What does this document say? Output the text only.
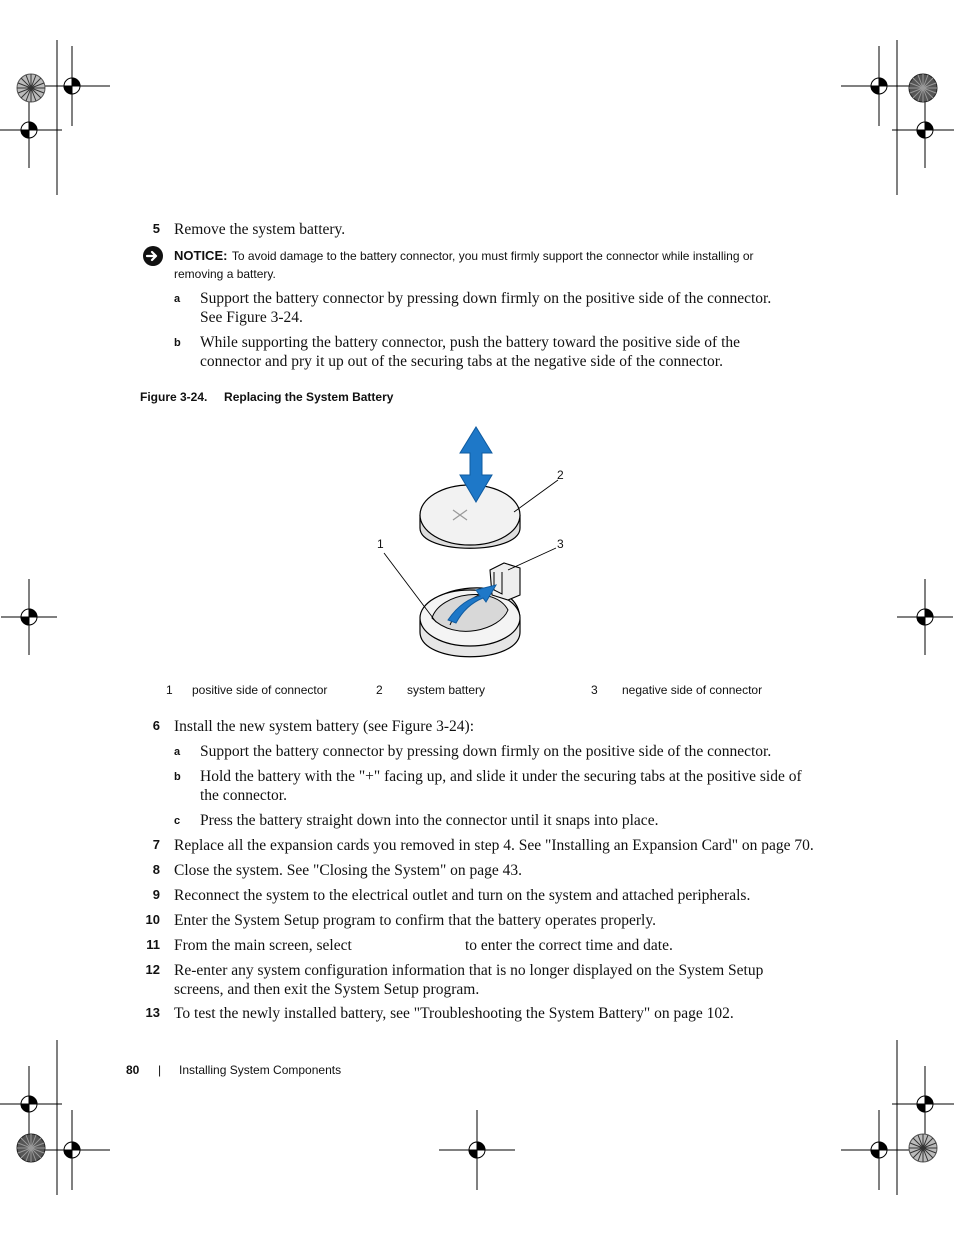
5 Remove the system battery.
NOTICE: To avoid damage to the battery connector, you must firmly support the connector while installing or
removing a battery.
a Support the battery connector by pressing down firmly on the positive side of the connector.
See Figure 3-24.
b While supporting the battery connector, push the battery toward the positive side of the
connector and pry it up out of the securing tabs at the negative side of the connector.
Figure 3-24. Replacing the System Battery
2
1	3
1 positive side of connector	2 system battery	3 negative side of connector
6 Install the new system battery (see Figure 3-24):
a Support the battery connector by pressing down firmly on the positive side of the connector.
b Hold the battery with the "+" facing up, and slide it under the securing tabs at the positive side of
the connector.
c Press the battery straight down into the connector until it snaps into place.
7 Replace all the expansion cards you removed in step 4. See "Installing an Expansion Card" on page 70.
8 Close the system. See "Closing the System" on page 43.
9 Reconnect the system to the electrical outlet and turn on the system and attached peripherals.
10 Enter the System Setup program to confirm that the battery operates properly.
11 From the main screen, select	to enter the correct time and date.
12 Re-enter any system configuration information that is no longer displayed on the System Setup
screens, and then exit the System Setup program.
13 To test the newly installed battery, see "Troubleshooting the System Battery" on page 102.
80 | Installing System Components
